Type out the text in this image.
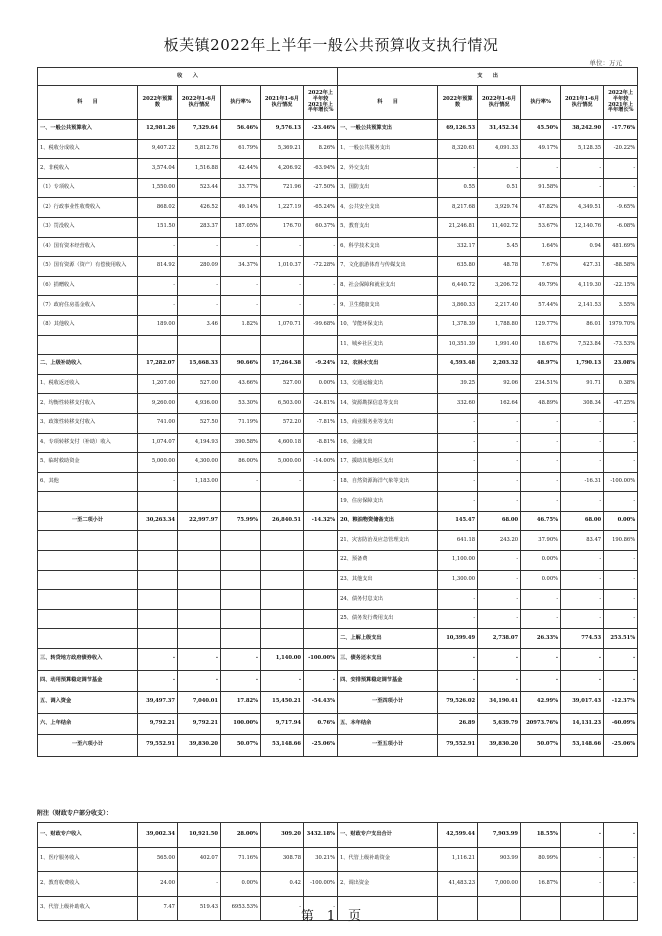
板芙镇2022年上半年一般公共预算收支执行情况
单位：万元
收　　入						支　　出					
科　　目	2022年预算数	2022年1-6月执行情况	执行率%	2021年1-6月执行情况	2022年上半年较2021年上半年增长%	科　　目	2022年预算数	2022年1-6月执行情况	执行率%	2021年1-6月执行情况	2022年上半年较2021年上半年增长%
一、一般公共预算收入	12,981.26	7,329.64	56.46%	9,576.13	-23.46%	一、一般公共预算支出	69,126.53	31,452.34	45.50%	38,242.90	-17.76%
1、税收分成收入	9,407.22	5,812.76	61.79%	5,369.21	8.26%	1、一般公共服务支出	8,320.61	4,091.33	49.17%	5,128.35	-20.22%
2、非税收入	3,574.04	1,516.88	42.44%	4,206.92	-63.94%	2、外交支出	-	-	-	-	-
（1）专项收入	1,550.00	523.44	33.77%	721.96	-27.50%	3、国防支出	0.55	0.51	91.58%	-	-
（2）行政事业性收费收入	868.02	426.52	49.14%	1,227.19	-65.24%	4、公共安全支出	8,217.68	3,929.74	47.82%	4,349.51	-9.65%
（3）罚没收入	151.50	283.37	187.05%	176.70	60.37%	5、教育支出	21,246.81	11,402.72	53.67%	12,140.76	-6.08%
（4）国有资本经营收入	-	-	-	-	-	6、科学技术支出	332.17	5.45	1.64%	0.94	481.69%
（5）国有资源（资产）有偿使用收入	814.92	280.09	34.37%	1,010.37	-72.28%	7、文化旅游体育与传媒支出	635.80	48.78	7.67%	427.31	-88.58%
（6）捐赠收入	-	-	-	-	-	8、社会保障和就业支出	6,440.72	3,206.72	49.79%	4,119.30	-22.15%
（7）政府住房基金收入	-	-	-	-	-	9、卫生健康支出	3,860.33	2,217.40	57.44%	2,141.53	3.55%
（8）其他收入	189.00	3.46	1.82%	1,070.71	-99.68%	10、节能环保支出	1,378.39	1,788.80	129.77%	86.01	1979.70%
						11、城乡社区支出	10,351.39	1,991.40	18.67%	7,523.84	-73.53%
二、上级补助收入	17,282.07	15,668.33	90.66%	17,264.38	-9.24%	12、农林水支出	4,593.48	2,203.32	48.97%	1,790.13	23.08%
1、税收返还收入	1,207.00	527.00	43.66%	527.00	0.00%	13、交通运输支出	39.25	92.06	234.51%	91.71	0.38%
2、均衡性转移支付收入	9,260.00	4,936.00	53.30%	6,503.00	-24.81%	14、资源勘探信息等支出	332.60	162.64	48.89%	308.34	-47.25%
3、政策性转移支付收入	741.00	527.50	71.19%	572.20	-7.81%	15、商业服务业等支出	-	-	-	-	-
4、专项转移支付（补助）收入	1,074.07	4,194.93	390.58%	4,600.18	-8.81%	16、金融支出	-	-	-	-	-
5、临时救助资金	5,000.00	4,300.00	86.00%	5,000.00	-14.00%	17、援助其他地区支出	-	-	-	-	-
6、其他	-	1,183.00	-	-	-	18、自然资源海洋气象等支出	-	-	-	-16.31	-100.00%
						19、住房保障支出	-	-	-	-	-
一至二项小计	30,263.34	22,997.97	75.99%	26,840.51	-14.32%	20、粮油物资储备支出	145.47	68.00	46.75%	68.00	0.00%
						21、灾害防治及应急管理支出	641.18	243.20	37.90%	83.47	190.86%
						22、预备费	1,100.00	-	0.00%	-	-
						23、其他支出	1,300.00	-	0.00%	-	-
						24、债务付息支出	-	-	-	-	-
						25、债务发行费用支出	-	-	-	-	-
						二、上解上级支出	10,399.49	2,738.07	26.33%	774.53	253.51%
三、转贷地方政府债券收入	-	-	-	1,140.00	-100.00%	三、债务还本支出	-	-	-	-	-
四、动用预算稳定调节基金	-	-	-	-	-	四、安排预算稳定调节基金	-	-	-	-	-
五、调入资金	39,497.37	7,040.01	17.82%	15,450.21	-54.43%	一至四项小计	79,526.02	34,190.41	42.99%	39,017.43	-12.37%
六、上年结余	9,792.21	9,792.21	100.00%	9,717.94	0.76%	五、本年结余	26.89	5,639.79	20973.76%	14,131.23	-60.09%
一至六项小计	79,552.91	39,830.20	50.07%	53,148.66	-25.06%	一至五项小计	79,552.91	39,830.20	50.07%	53,148.66	-25.06%
附注（财政专户部分收支）：
一、财政专户收入	39,002.34	10,921.50	28.00%	309.20	3432.18%	一、财政专户支出合计	42,599.44	7,903.99	18.55%	-	-
1、医疗服务收入	565.00	402.07	71.16%	308.78	30.21%	1、代管上级补助资金	1,116.21	903.99	80.99%	-	-
2、教育收费收入	24.00	-	0.00%	0.42	-100.00%	2、调出资金	41,483.23	7,000.00	16.87%	-	-
3、代管上级补助收入	7.47	519.43	6953.53%	-	-						
第　1　页
